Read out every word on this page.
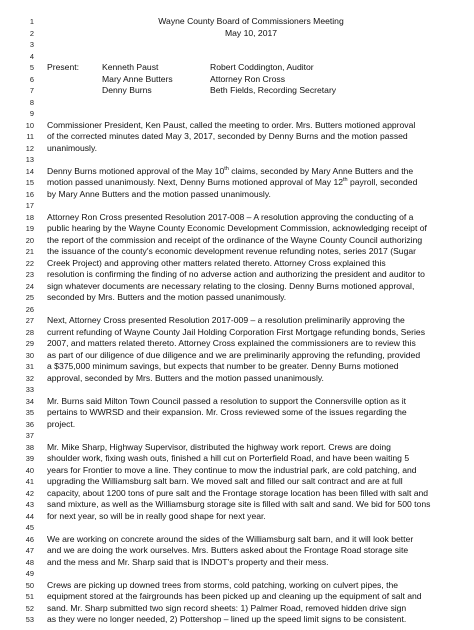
1	Wayne County Board of Commissioners Meeting
2	May 10, 2017
3
4
5 Present:	Kenneth Paust	Robert Coddington, Auditor
6	Mary Anne Butters	Attorney Ron Cross
7	Denny Burns	Beth Fields, Recording Secretary
8
9
10 Commissioner President, Ken Paust, called the meeting to order. Mrs. Butters motioned approval
11 of the corrected minutes dated May 3, 2017, seconded by Denny Burns and the motion passed
12 unanimously.
13
14 Denny Burns motioned approval of the May 10th claims, seconded by Mary Anne Butters and the
15 motion passed unanimously. Next, Denny Burns motioned approval of May 12th payroll, seconded
16 by Mary Anne Butters and the motion passed unanimously.
17
18 Attorney Ron Cross presented Resolution 2017-008 – A resolution approving the conducting of a
19 public hearing by the Wayne County Economic Development Commission, acknowledging receipt of
20 the report of the commission and receipt of the ordinance of the Wayne County Council authorizing
21 the issuance of the county's economic development revenue refunding notes, series 2017 (Sugar
22 Creek Project) and approving other matters related thereto. Attorney Cross explained this
23 resolution is confirming the finding of no adverse action and authorizing the president and auditor to
24 sign whatever documents are necessary relating to the closing. Denny Burns motioned approval,
25 seconded by Mrs. Butters and the motion passed unanimously.
26
27 Next, Attorney Cross presented Resolution 2017-009 – a resolution preliminarily approving the
28 current refunding of Wayne County Jail Holding Corporation First Mortgage refunding bonds, Series
29 2007, and matters related thereto. Attorney Cross explained the commissioners are to review this
30 as part of our diligence of due diligence and we are preliminarily approving the refunding, provided
31 a $375,000 minimum savings, but expects that number to be greater. Denny Burns motioned
32 approval, seconded by Mrs. Butters and the motion passed unanimously.
33
34 Mr. Burns said Milton Town Council passed a resolution to support the Connersville option as it
35 pertains to WWRSD and their expansion. Mr. Cross reviewed some of the issues regarding the
36 project.
37
38 Mr. Mike Sharp, Highway Supervisor, distributed the highway work report. Crews are doing
39 shoulder work, fixing wash outs, finished a hill cut on Porterfield Road, and have been waiting 5
40 years for Frontier to move a line. They continue to mow the industrial park, are cold patching, and
41 upgrading the Williamsburg salt barn. We moved salt and filled our salt contract and are at full
42 capacity, about 1200 tons of pure salt and the Frontage storage location has been filled with salt and
43 sand mixture, as well as the Williamsburg storage site is filled with salt and sand. We bid for 500 tons
44 for next year, so will be in really good shape for next year.
45
46 We are working on concrete around the sides of the Williamsburg salt barn, and it will look better
47 and we are doing the work ourselves. Mrs. Butters asked about the Frontage Road storage site
48 and the mess and Mr. Sharp said that is INDOT's property and their mess.
49
50 Crews are picking up downed trees from storms, cold patching, working on culvert pipes, the
51 equipment stored at the fairgrounds has been picked up and cleaning up the equipment of salt and
52 sand. Mr. Sharp submitted two sign record sheets: 1) Palmer Road, removed hidden drive sign
53 as they were no longer needed, 2) Pottershop – lined up the speed limit signs to be consistent.
